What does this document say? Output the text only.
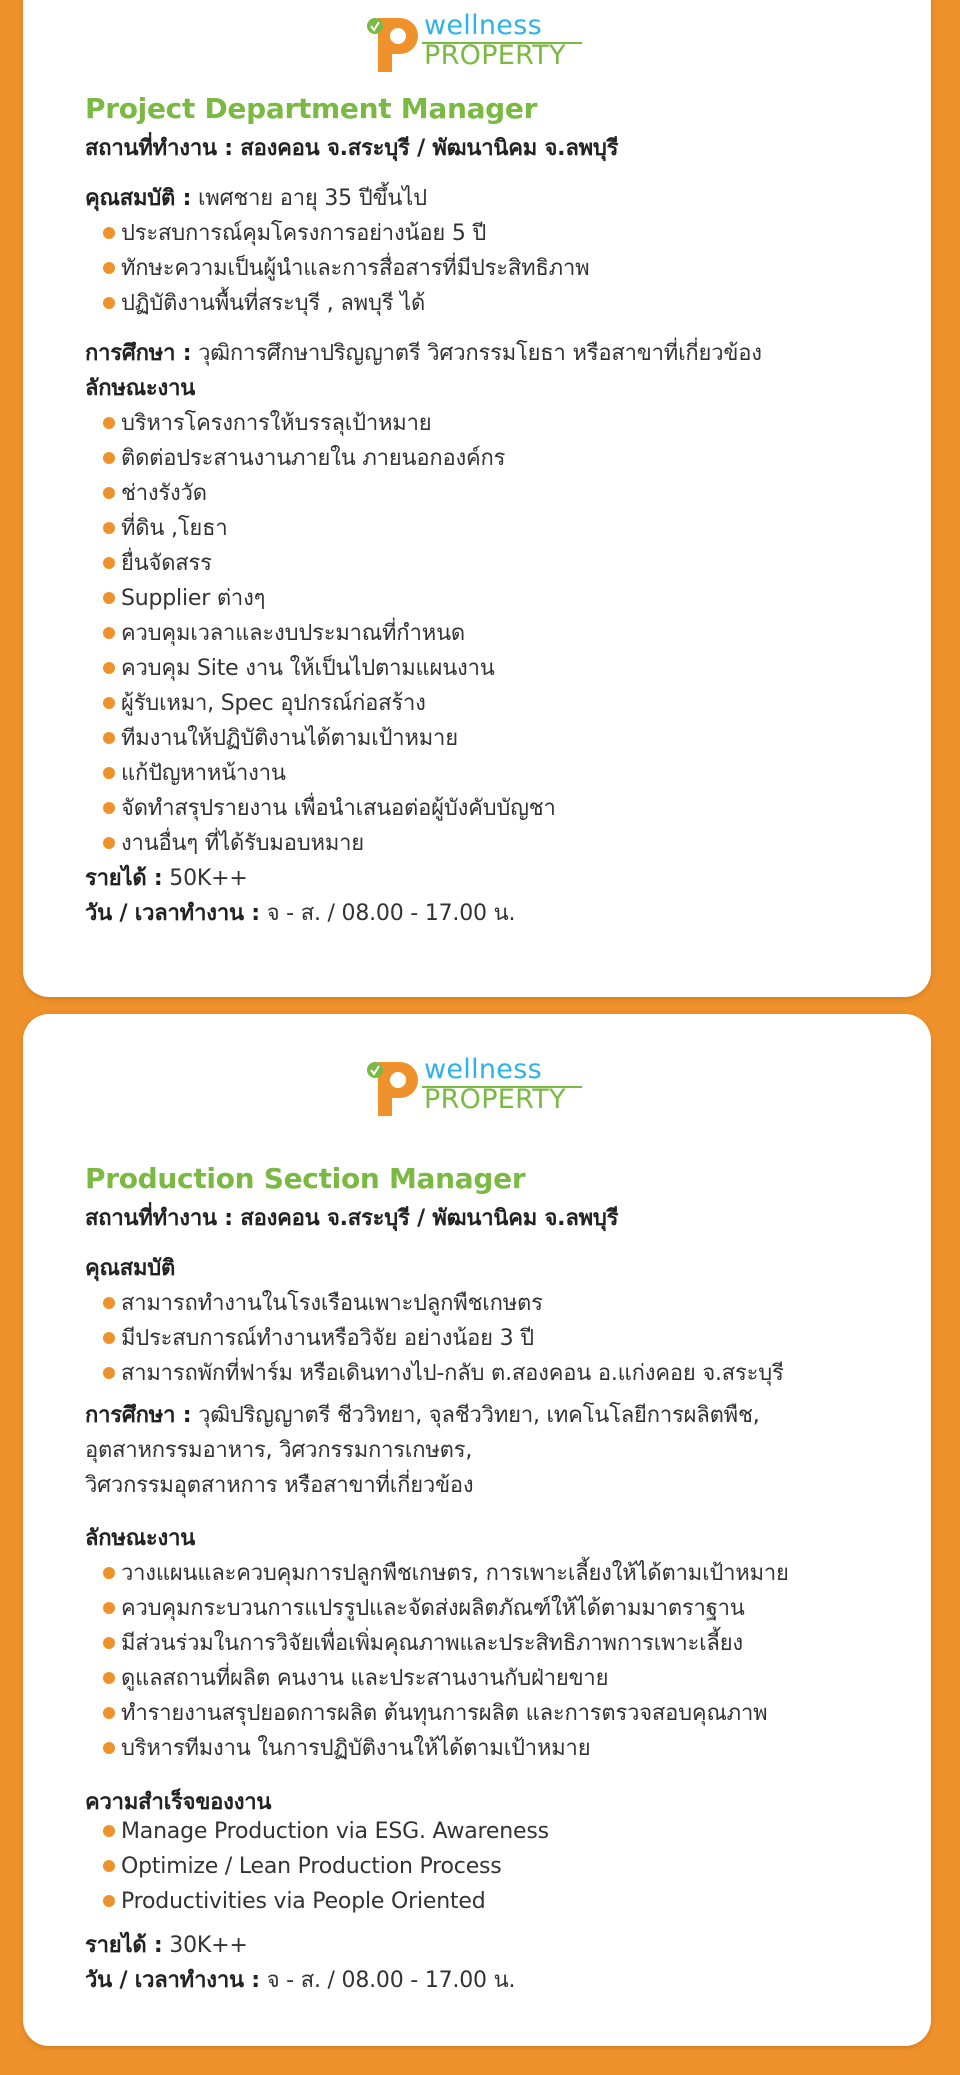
wellness
PROPERTY
Project Department Manager
สถานที่ทำงาน : สองคอน จ.สระบุรี / พัฒนานิคม จ.ลพบุรี
คุณสมบัติ : เพศชาย อายุ 35 ปีขึ้นไป
ประสบการณ์คุมโครงการอย่างน้อย 5 ปี
ทักษะความเป็นผู้นำและการสื่อสารที่มีประสิทธิภาพ
ปฏิบัติงานพื้นที่สระบุรี , ลพบุรี ได้
การศึกษา : วุฒิการศึกษาปริญญาตรี วิศวกรรมโยธา หรือสาขาที่เกี่ยวข้อง
ลักษณะงาน
บริหารโครงการให้บรรลุเป้าหมาย
ติดต่อประสานงานภายใน ภายนอกองค์กร
ช่างรังวัด
ที่ดิน ,โยธา
ยื่นจัดสรร
Supplier ต่างๆ
ควบคุมเวลาและงบประมาณที่กำหนด
ควบคุม Site งาน ให้เป็นไปตามแผนงาน
ผู้รับเหมา, Spec อุปกรณ์ก่อสร้าง
ทีมงานให้ปฏิบัติงานได้ตามเป้าหมาย
แก้ปัญหาหน้างาน
จัดทำสรุปรายงาน เพื่อนำเสนอต่อผู้บังคับบัญชา
งานอื่นๆ ที่ได้รับมอบหมาย
รายได้ : 50K++
วัน / เวลาทำงาน : จ - ส. / 08.00 - 17.00 น.
wellness
PROPERTY
Production Section Manager
สถานที่ทำงาน : สองคอน จ.สระบุรี / พัฒนานิคม จ.ลพบุรี
คุณสมบัติ
สามารถทำงานในโรงเรือนเพาะปลูกพืชเกษตร
มีประสบการณ์ทำงานหรือวิจัย อย่างน้อย 3 ปี
สามารถพักที่ฟาร์ม หรือเดินทางไป-กลับ ต.สองคอน อ.แก่งคอย จ.สระบุรี
การศึกษา : วุฒิปริญญาตรี ชีววิทยา, จุลชีววิทยา, เทคโนโลยีการผลิตพืช,
อุตสาหกรรมอาหาร, วิศวกรรมการเกษตร,
วิศวกรรมอุตสาหการ หรือสาขาที่เกี่ยวข้อง
ลักษณะงาน
วางแผนและควบคุมการปลูกพืชเกษตร, การเพาะเลี้ยงให้ได้ตามเป้าหมาย
ควบคุมกระบวนการแปรรูปและจัดส่งผลิตภัณฑ์ให้ได้ตามมาตราฐาน
มีส่วนร่วมในการวิจัยเพื่อเพิ่มคุณภาพและประสิทธิภาพการเพาะเลี้ยง
ดูแลสถานที่ผลิต คนงาน และประสานงานกับฝ่ายขาย
ทำรายงานสรุปยอดการผลิต ต้นทุนการผลิต และการตรวจสอบคุณภาพ
บริหารทีมงาน ในการปฏิบัติงานให้ได้ตามเป้าหมาย
ความสำเร็จของงาน
Manage Production via ESG. Awareness
Optimize / Lean Production Process
Productivities via People Oriented
รายได้ : 30K++
วัน / เวลาทำงาน : จ - ส. / 08.00 - 17.00 น.
